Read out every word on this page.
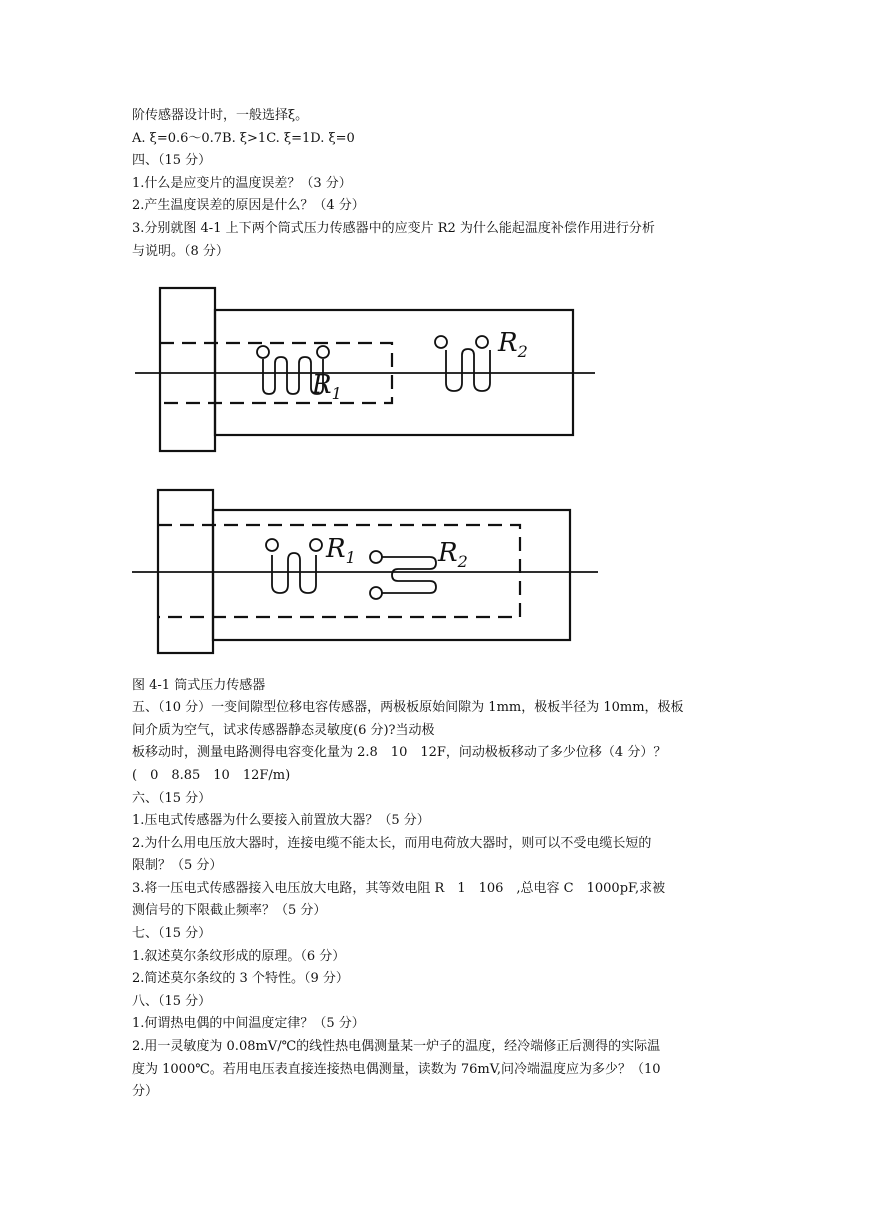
阶传感器设计时，一般选择ξ。
A. ξ=0.6～0.7B. ξ>1C. ξ=1D. ξ=0
四、（15 分）
1.什么是应变片的温度误差？（3 分）
2.产生温度误差的原因是什么？（4 分）
3.分别就图 4-1 上下两个筒式压力传感器中的应变片 R2 为什么能起温度补偿作用进行分析
与说明。（8 分）
$R_1$
$R_2$
$R_1$	$R_2$
图 4-1 筒式压力传感器
五、（10 分）一变间隙型位移电容传感器，两极板原始间隙为 1mm，极板半径为 10mm，极板
间介质为空气，试求传感器静态灵敏度(6 分)?当动极
板移动时，测量电路测得电容变化量为 2.8　10　12F，问动极板移动了多少位移（4 分）？
(　0　8.85　10　12F/m)
六、（15 分）
1.压电式传感器为什么要接入前置放大器？（5 分）
2.为什么用电压放大器时，连接电缆不能太长，而用电荷放大器时，则可以不受电缆长短的
限制？（5 分）
3.将一压电式传感器接入电压放大电路，其等效电阻 R　1　106　,总电容 C　1000pF,求被
测信号的下限截止频率？（5 分）
七、（15 分）
1.叙述莫尔条纹形成的原理。（6 分）
2.简述莫尔条纹的 3 个特性。（9 分）
八、（15 分）
1.何谓热电偶的中间温度定律？（5 分）
2.用一灵敏度为 0.08mV/℃的线性热电偶测量某一炉子的温度，经冷端修正后测得的实际温
度为 1000℃。若用电压表直接连接热电偶测量，读数为 76mV,问冷端温度应为多少？（10
分）
